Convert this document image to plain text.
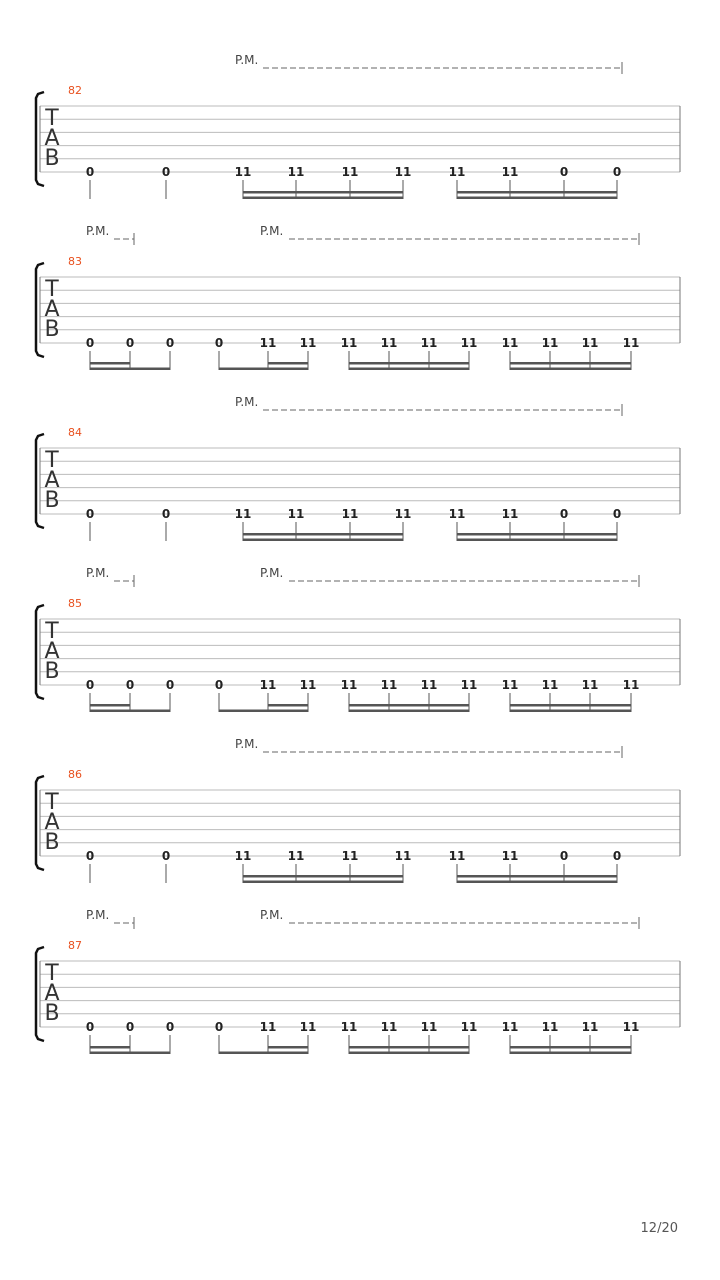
P.M.
82
T
A
B
0	0	11	11	11	11	11	11	0	0
P.M.	P.M.
83
T
A
B
0	0	0	0	11 11 11 11 11 11 11 11 11 11
P.M.
84
T
A
B
0	0	11	11	11	11	11	11	0	0
P.M.	P.M.
85
T
A
B
0	0	0	0	11 11 11 11 11 11 11 11 11 11
P.M.
86
T
A
B
0	0	11	11	11	11	11	11	0	0
P.M.	P.M.
87
T
A
B
0	0	0	0	11 11 11 11 11 11 11 11 11 11
12/20
